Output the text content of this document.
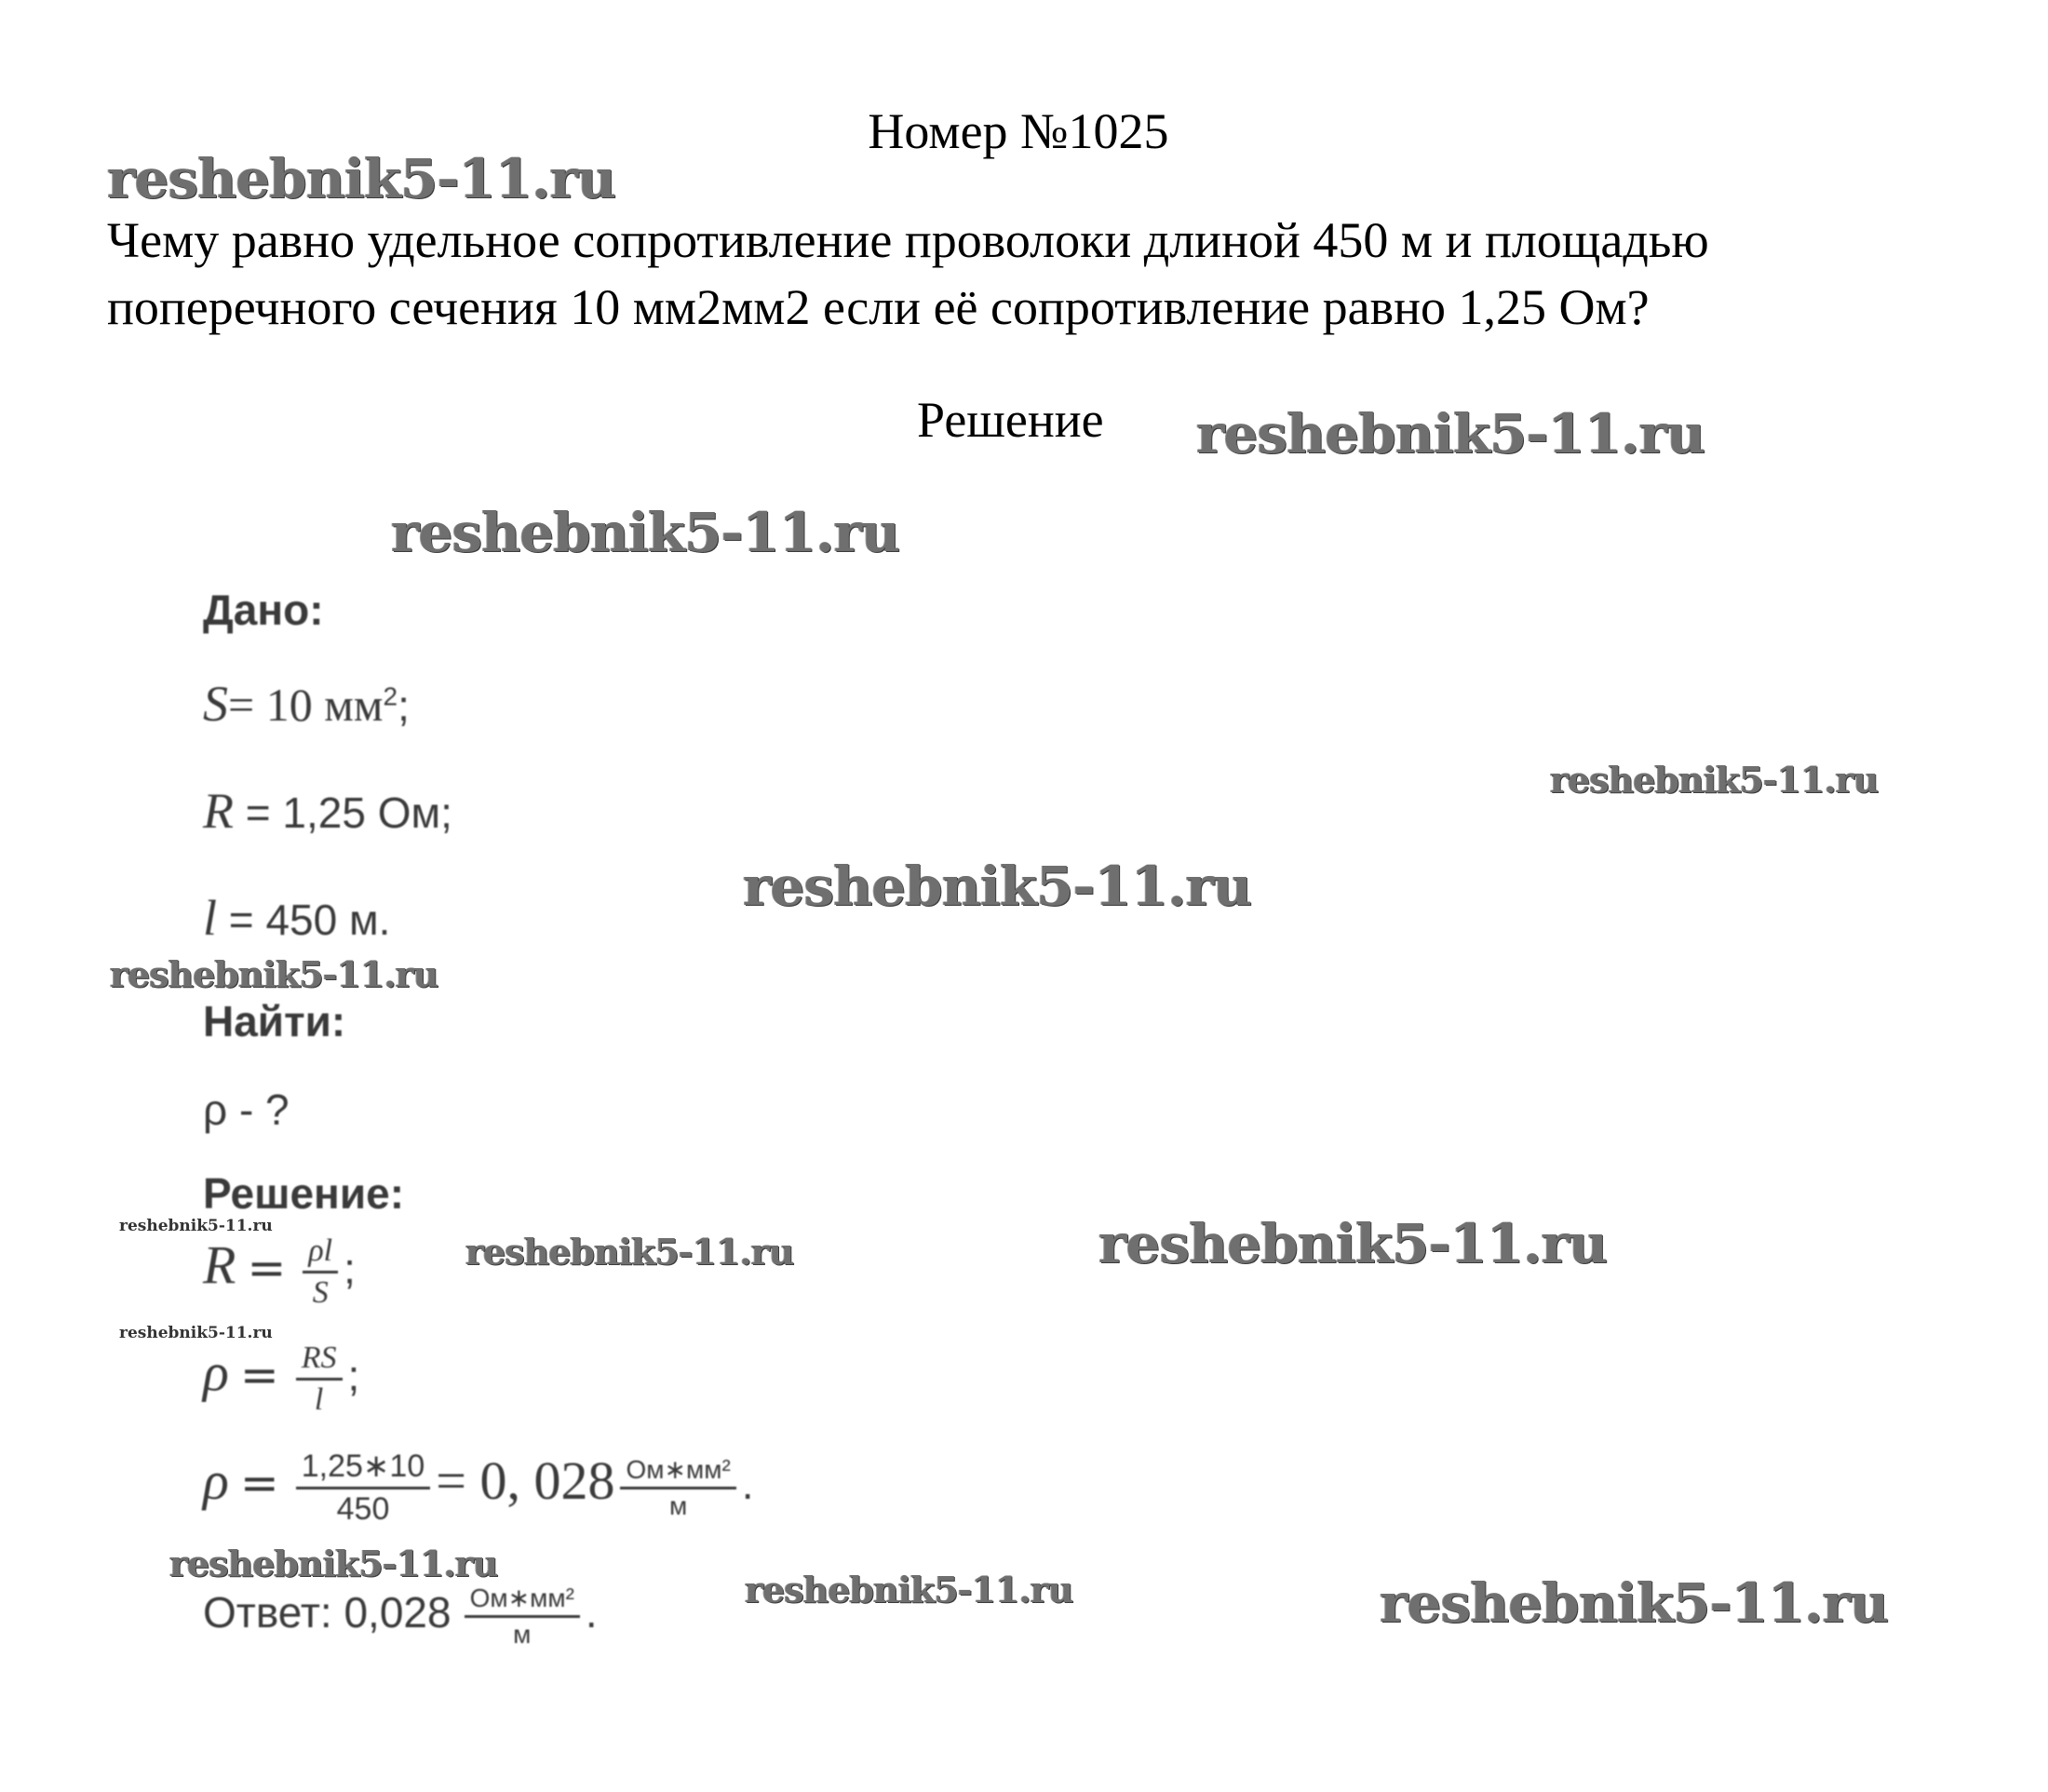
Номер №1025
Чему равно удельное сопротивление проволоки длиной 450 м и площадью поперечного сечения 10 мм2мм2 если её сопротивление равно 1,25 Ом?
Решение
reshebnik5-11.ru
reshebnik5-11.ru
reshebnik5-11.ru
reshebnik5-11.ru
reshebnik5-11.ru
reshebnik5-11.ru
reshebnik5-11.ru
reshebnik5-11.ru	reshebnik5-11.ru
reshebnik5-11.ru
reshebnik5-11.ru
reshebnik5-11.ru	reshebnik5-11.ru
Дано:
S= 10 $мм^2$;
R = 1,25 Ом;
l = 450 м.
Найти:
ρ - ?
Решение:
$R = \frac{\rho l}{S}$ ;
$\rho = \frac{RS}{l}$ ;
$\rho = \frac{1,25∗10}{450} = 0$, $028 \frac{\text{Ом∗мм²}}{м}$ .
Ответ: $0,028 \frac{\text{Ом∗мм²}}{м}$ .
